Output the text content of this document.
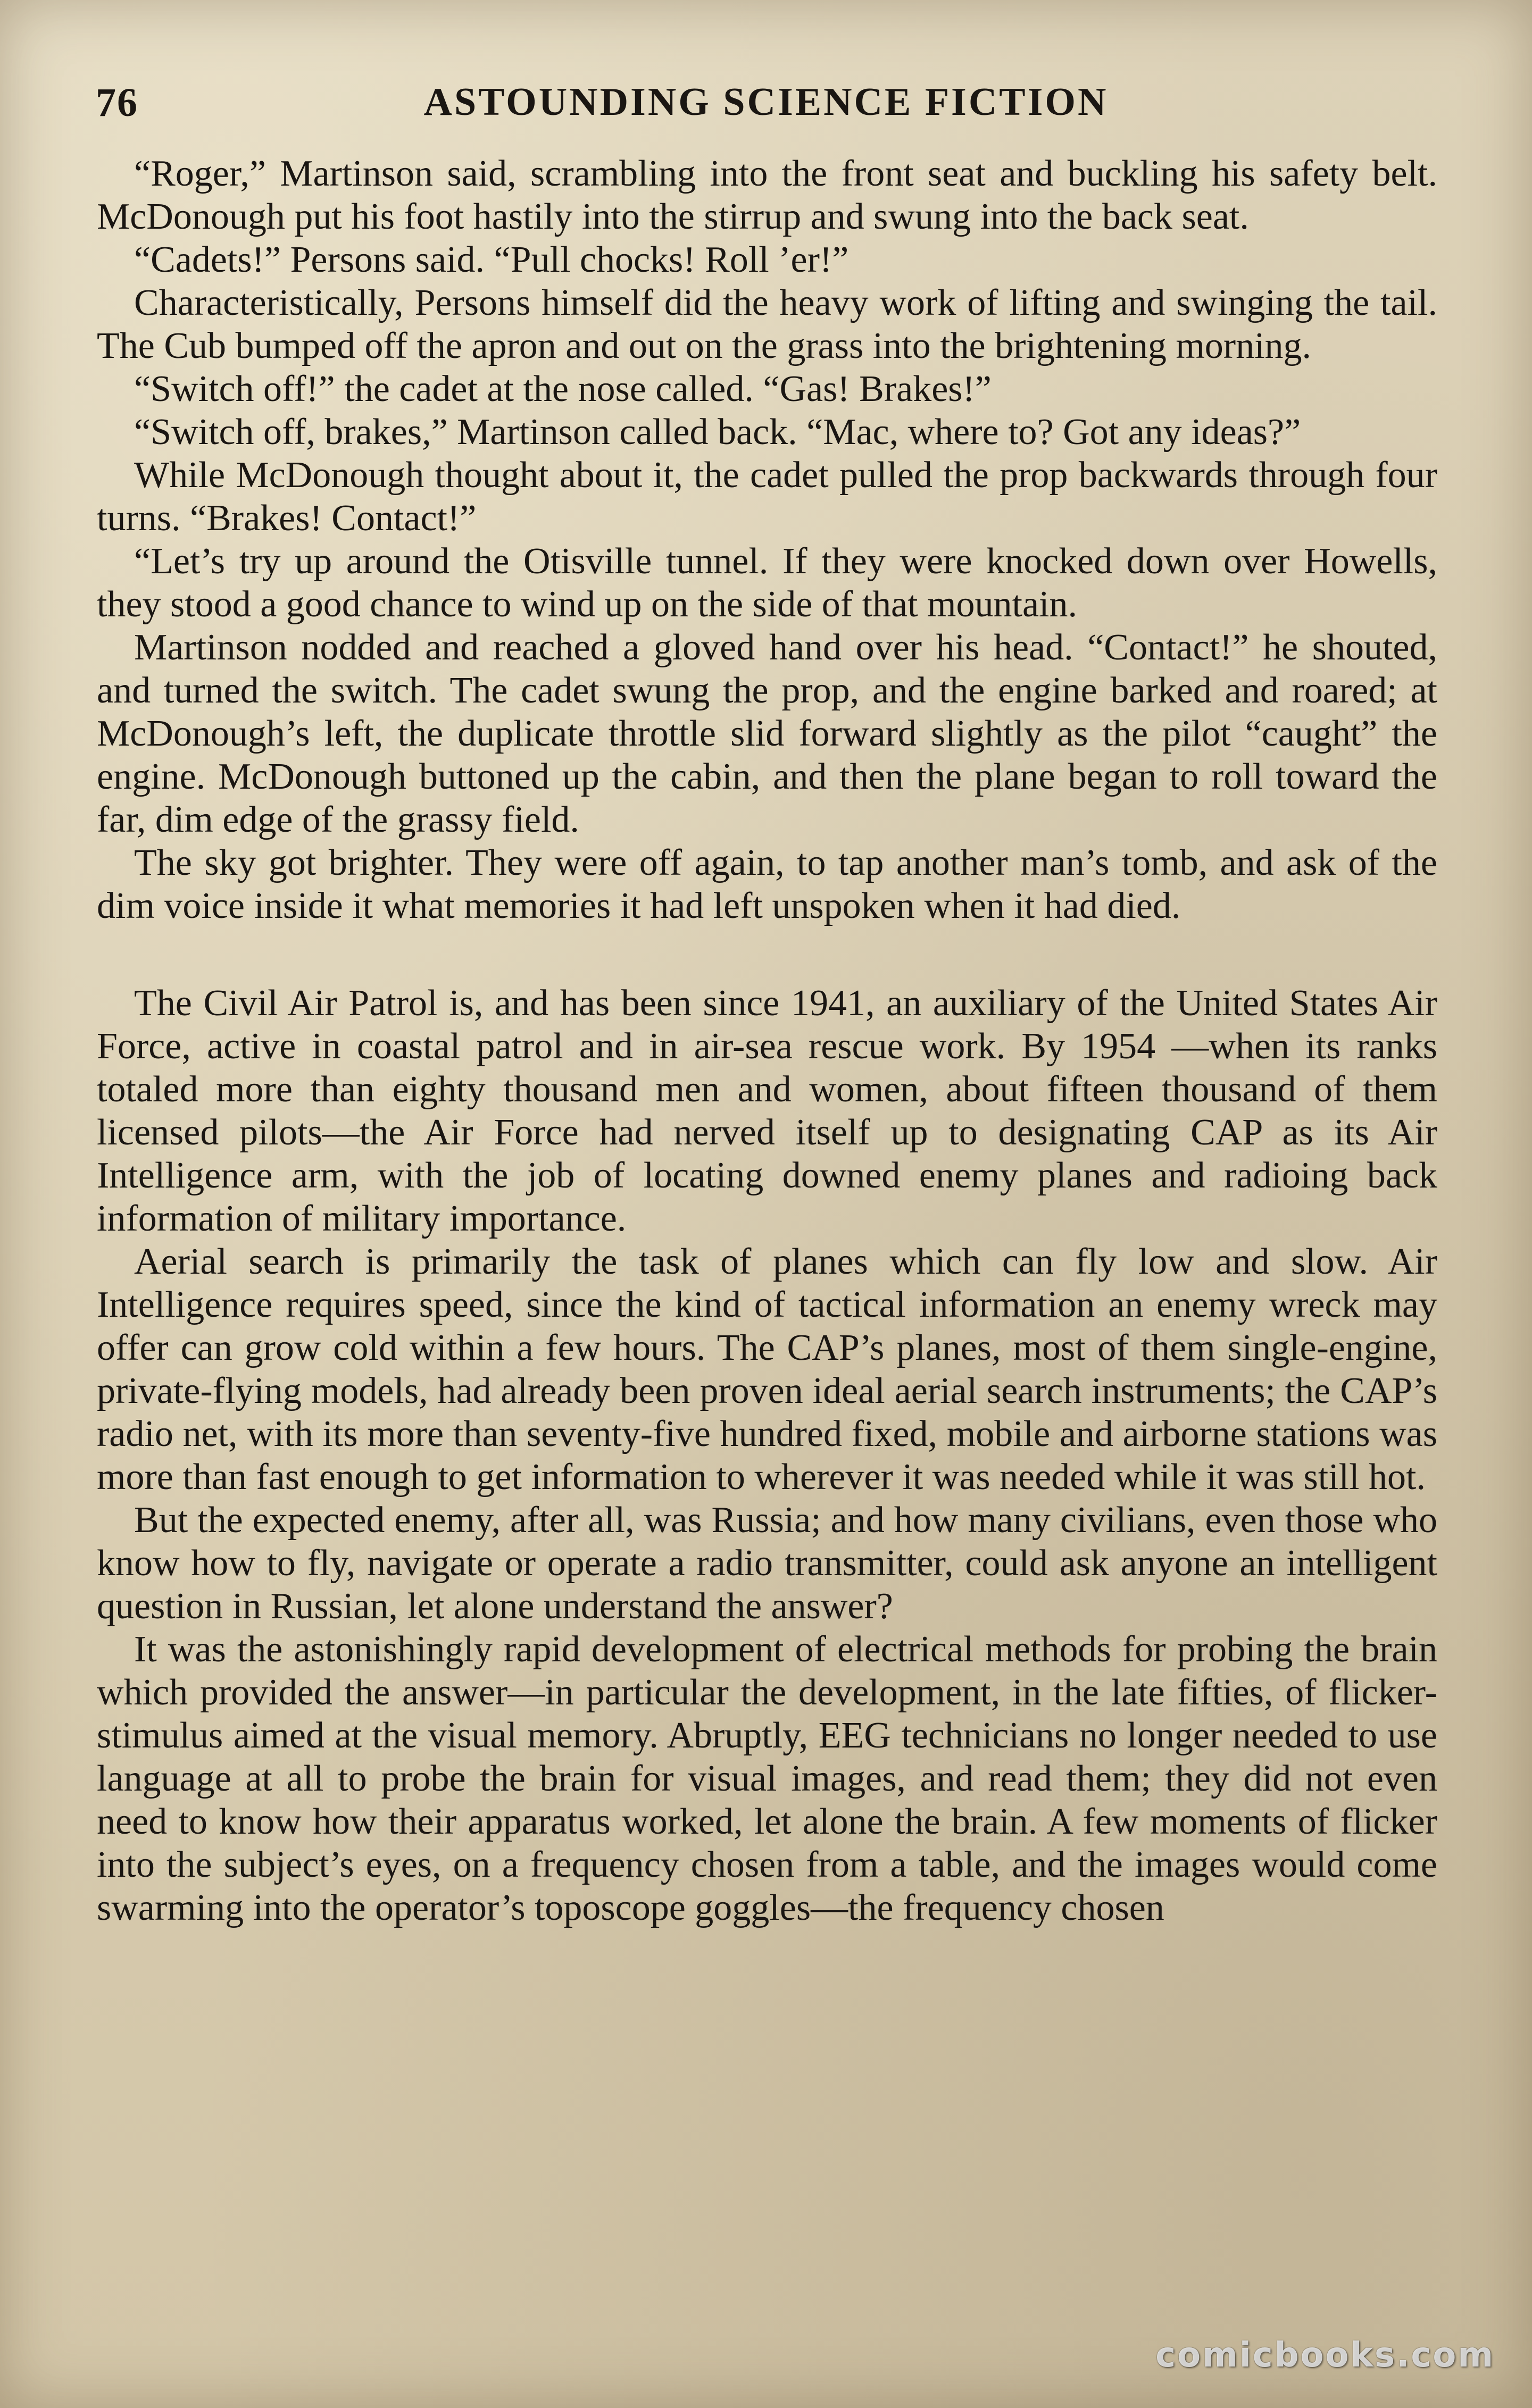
76	ASTOUNDING SCIENCE FICTION

“Roger,” Martinson said, scrambling into the front seat and buckling his safety belt. McDonough put his foot hastily into the stirrup and swung into the back seat.

“Cadets!” Persons said. “Pull chocks! Roll ’er!”

Characteristically, Persons himself did the heavy work of lifting and swinging the tail. The Cub bumped off the apron and out on the grass into the brightening morning.

“Switch off!” the cadet at the nose called. “Gas! Brakes!”

“Switch off, brakes,” Martinson called back. “Mac, where to? Got any ideas?”

While McDonough thought about it, the cadet pulled the prop backwards through four turns. “Brakes! Contact!”

“Let’s try up around the Otisville tunnel. If they were knocked down over Howells, they stood a good chance to wind up on the side of that mountain.

Martinson nodded and reached a gloved hand over his head. “Contact!” he shouted, and turned the switch. The cadet swung the prop, and the engine barked and roared; at McDonough’s left, the duplicate throttle slid forward slightly as the pilot “caught” the engine. McDonough buttoned up the cabin, and then the plane began to roll toward the far, dim edge of the grassy field.

The sky got brighter. They were off again, to tap another man’s tomb, and ask of the dim voice inside it what memories it had left unspoken when it had died.

The Civil Air Patrol is, and has been since 1941, an auxiliary of the United States Air Force, active in coastal patrol and in air-sea rescue work. By 1954 —when its ranks totaled more than eighty thousand men and women, about fifteen thousand of them licensed pilots—the Air Force had nerved itself up to designating CAP as its Air Intelligence arm, with the job of locating downed enemy planes and radioing back information of military importance.

Aerial search is primarily the task of planes which can fly low and slow. Air Intelligence requires speed, since the kind of tactical information an enemy wreck may offer can grow cold within a few hours. The CAP’s planes, most of them single-engine, private-flying models, had already been proven ideal aerial search instruments; the CAP’s radio net, with its more than seventy-five hundred fixed, mobile and airborne stations was more than fast enough to get information to wherever it was needed while it was still hot.

But the expected enemy, after all, was Russia; and how many civilians, even those who know how to fly, navigate or operate a radio transmitter, could ask anyone an intelligent question in Russian, let alone understand the answer?

It was the astonishingly rapid development of electrical methods for probing the brain which provided the answer—in particular the development, in the late fifties, of flicker-stimulus aimed at the visual memory. Abruptly, EEG technicians no longer needed to use language at all to probe the brain for visual images, and read them; they did not even need to know how their apparatus worked, let alone the brain. A few moments of flicker into the subject’s eyes, on a frequency chosen from a table, and the images would come swarming into the operator’s toposcope goggles—the frequency chosen

comicbooks.com
